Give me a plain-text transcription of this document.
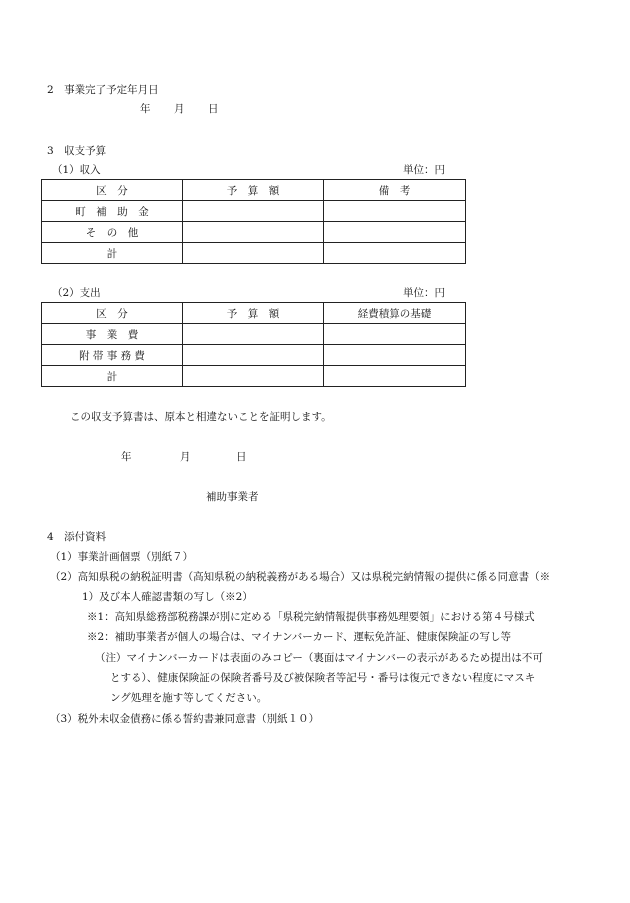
2　事業完了予定年月日
年 月 日
3　収支予算
（1）収入	単位：円
区　分	予　算　額	備　考
町　補　助　金		
そ　の　他		
計		
（2）支出	単位：円
区　分	予　算　額	経費積算の基礎
事　業　費		
附 帯 事 務 費		
計		
この収支予算書は、原本と相違ないことを証明します。
年	月	日
補助事業者
4　添付資料
（1）事業計画個票（別紙７）
（2）高知県税の納税証明書（高知県税の納税義務がある場合）又は県税完納情報の提供に係る同意書（※
1）及び本人確認書類の写し（※2）
※1：高知県総務部税務課が別に定める「県税完納情報提供事務処理要領」における第４号様式
※2：補助事業者が個人の場合は、マイナンバーカード、運転免許証、健康保険証の写し等
（注）マイナンバーカードは表面のみコピー（裏面はマイナンバーの表示があるため提出は不可
とする）、健康保険証の保険者番号及び被保険者等記号・番号は復元できない程度にマスキ
ング処理を施す等してください。
（3）税外未収金債務に係る誓約書兼同意書（別紙１０）
